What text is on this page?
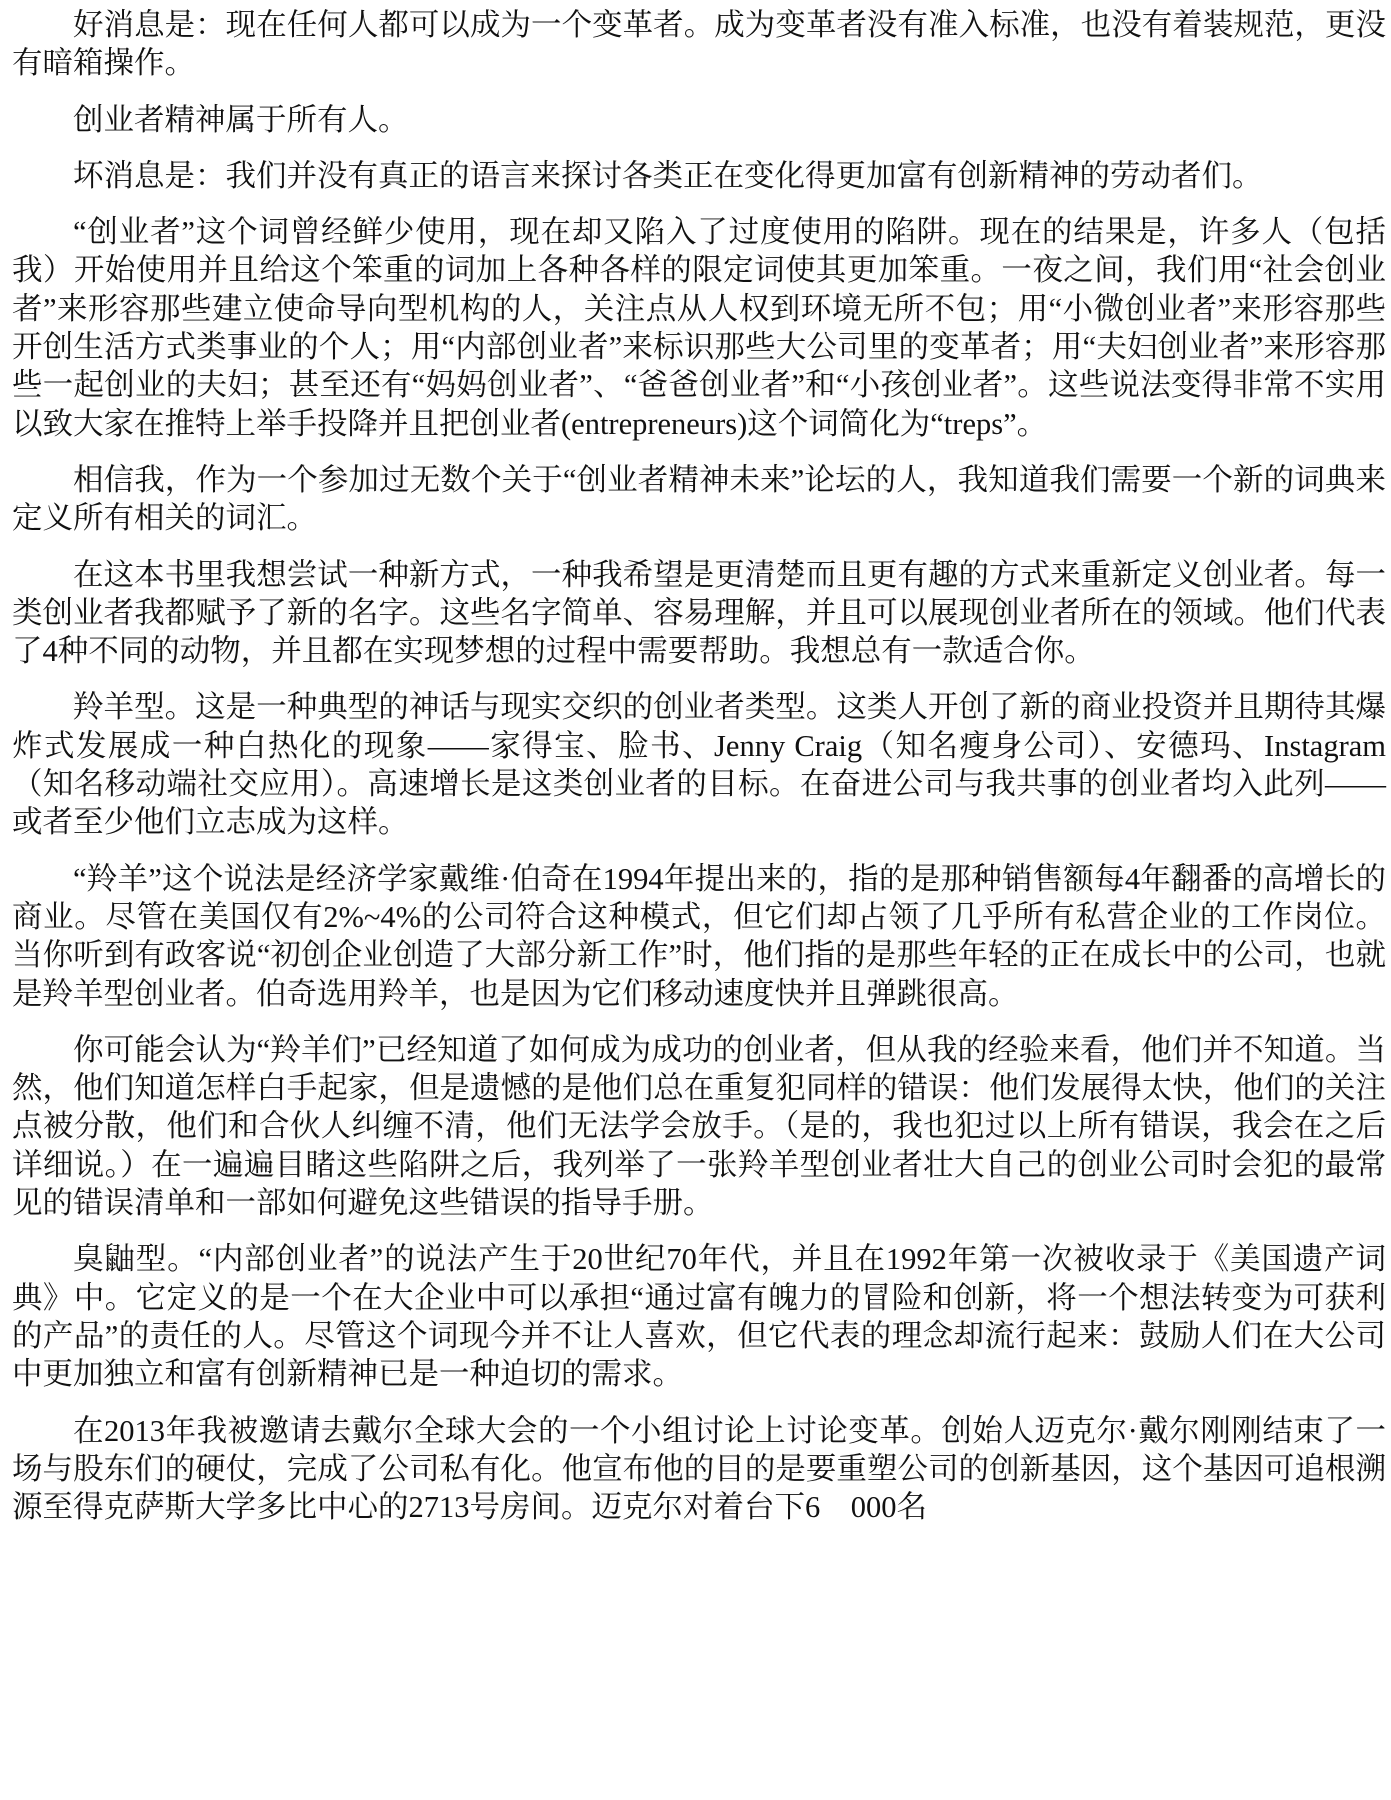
好消息是：现在任何人都可以成为一个变革者。成为变革者没有准入标准，也没有着装规范，更没有暗箱操作。

创业者精神属于所有人。

坏消息是：我们并没有真正的语言来探讨各类正在变化得更加富有创新精神的劳动者们。

“创业者”这个词曾经鲜少使用，现在却又陷入了过度使用的陷阱。现在的结果是，许多人（包括我）开始使用并且给这个笨重的词加上各种各样的限定词使其更加笨重。一夜之间，我们用“社会创业者”来形容那些建立使命导向型机构的人，关注点从人权到环境无所不包；用“小微创业者”来形容那些开创生活方式类事业的个人；用“内部创业者”来标识那些大公司里的变革者；用“夫妇创业者”来形容那些一起创业的夫妇；甚至还有“妈妈创业者”、“爸爸创业者”和“小孩创业者”。这些说法变得非常不实用以致大家在推特上举手投降并且把创业者(entrepreneurs)这个词简化为“treps”。

相信我，作为一个参加过无数个关于“创业者精神未来”论坛的人，我知道我们需要一个新的词典来定义所有相关的词汇。

在这本书里我想尝试一种新方式，一种我希望是更清楚而且更有趣的方式来重新定义创业者。每一类创业者我都赋予了新的名字。这些名字简单、容易理解，并且可以展现创业者所在的领域。他们代表了4种不同的动物，并且都在实现梦想的过程中需要帮助。我想总有一款适合你。

羚羊型。这是一种典型的神话与现实交织的创业者类型。这类人开创了新的商业投资并且期待其爆炸式发展成一种白热化的现象——家得宝、脸书、Jenny Craig（知名瘦身公司）、安德玛、Instagram（知名移动端社交应用）。高速增长是这类创业者的目标。在奋进公司与我共事的创业者均入此列——或者至少他们立志成为这样。

“羚羊”这个说法是经济学家戴维·伯奇在1994年提出来的，指的是那种销售额每4年翻番的高增长的商业。尽管在美国仅有2%~4%的公司符合这种模式，但它们却占领了几乎所有私营企业的工作岗位。当你听到有政客说“初创企业创造了大部分新工作”时，他们指的是那些年轻的正在成长中的公司，也就是羚羊型创业者。伯奇选用羚羊，也是因为它们移动速度快并且弹跳很高。

你可能会认为“羚羊们”已经知道了如何成为成功的创业者，但从我的经验来看，他们并不知道。当然，他们知道怎样白手起家，但是遗憾的是他们总在重复犯同样的错误：他们发展得太快，他们的关注点被分散，他们和合伙人纠缠不清，他们无法学会放手。（是的，我也犯过以上所有错误，我会在之后详细说。）在一遍遍目睹这些陷阱之后，我列举了一张羚羊型创业者壮大自己的创业公司时会犯的最常见的错误清单和一部如何避免这些错误的指导手册。

臭鼬型。“内部创业者”的说法产生于20世纪70年代，并且在1992年第一次被收录于《美国遗产词典》中。它定义的是一个在大企业中可以承担“通过富有魄力的冒险和创新，将一个想法转变为可获利的产品”的责任的人。尽管这个词现今并不让人喜欢，但它代表的理念却流行起来：鼓励人们在大公司中更加独立和富有创新精神已是一种迫切的需求。

在2013年我被邀请去戴尔全球大会的一个小组讨论上讨论变革。创始人迈克尔·戴尔刚刚结束了一场与股东们的硬仗，完成了公司私有化。他宣布他的目的是要重塑公司的创新基因，这个基因可追根溯源至得克萨斯大学多比中心的2713号房间。迈克尔对着台下6　000名
